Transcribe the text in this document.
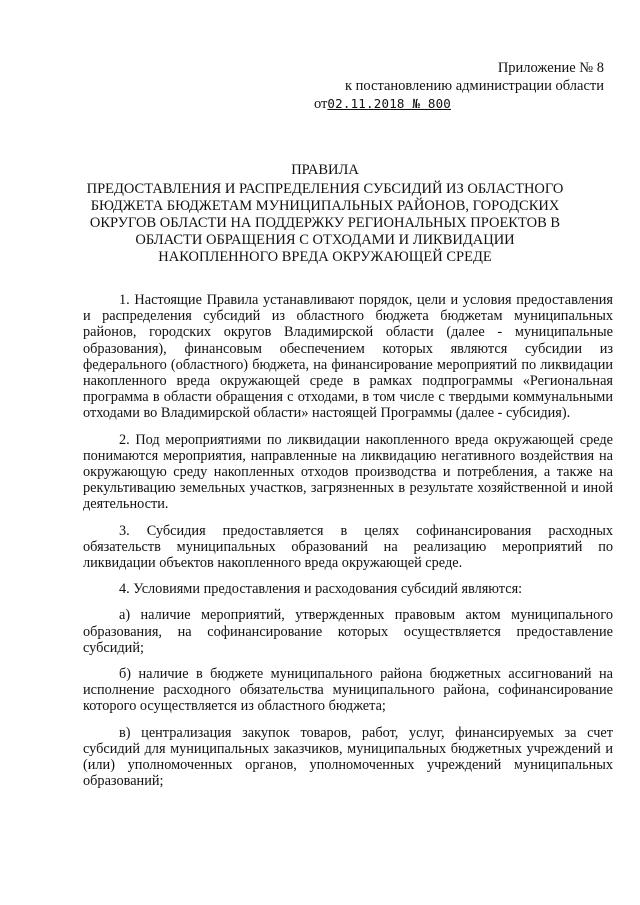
Приложение № 8
к постановлению администрации области
от02.11.2018 № 800
ПРАВИЛА
ПРЕДОСТАВЛЕНИЯ И РАСПРЕДЕЛЕНИЯ СУБСИДИЙ ИЗ ОБЛАСТНОГО
БЮДЖЕТА БЮДЖЕТАМ МУНИЦИПАЛЬНЫХ РАЙОНОВ, ГОРОДСКИХ
ОКРУГОВ ОБЛАСТИ НА ПОДДЕРЖКУ РЕГИОНАЛЬНЫХ ПРОЕКТОВ В
ОБЛАСТИ ОБРАЩЕНИЯ С ОТХОДАМИ И ЛИКВИДАЦИИ
НАКОПЛЕННОГО ВРЕДА ОКРУЖАЮЩЕЙ СРЕДЕ

1. Настоящие Правила устанавливают порядок, цели и условия предоставления и распределения субсидий из областного бюджета бюджетам муниципальных районов, городских округов Владимирской области (далее - муниципальные образования), финансовым обеспечением которых являются субсидии из федерального (областного) бюджета, на финансирование мероприятий по ликвидации накопленного вреда окружающей среде в рамках подпрограммы «Региональная программа в области обращения с отходами, в том числе с твердыми коммунальными отходами во Владимирской области» настоящей Программы (далее - субсидия).

2. Под мероприятиями по ликвидации накопленного вреда окружающей среде понимаются мероприятия, направленные на ликвидацию негативного воздействия на окружающую среду накопленных отходов производства и потребления, а также на рекультивацию земельных участков, загрязненных в результате хозяйственной и иной деятельности.

3. Субсидия предоставляется в целях софинансирования расходных обязательств муниципальных образований на реализацию мероприятий по ликвидации объектов накопленного вреда окружающей среде.

4. Условиями предоставления и расходования субсидий являются:

а) наличие мероприятий, утвержденных правовым актом муниципального образования, на софинансирование которых осуществляется предоставление субсидий;

б) наличие в бюджете муниципального района бюджетных ассигнований на исполнение расходного обязательства муниципального района, софинансирование которого осуществляется из областного бюджета;

в) централизация закупок товаров, работ, услуг, финансируемых за счет субсидий для муниципальных заказчиков, муниципальных бюджетных учреждений и (или) уполномоченных органов, уполномоченных учреждений муниципальных образований;
